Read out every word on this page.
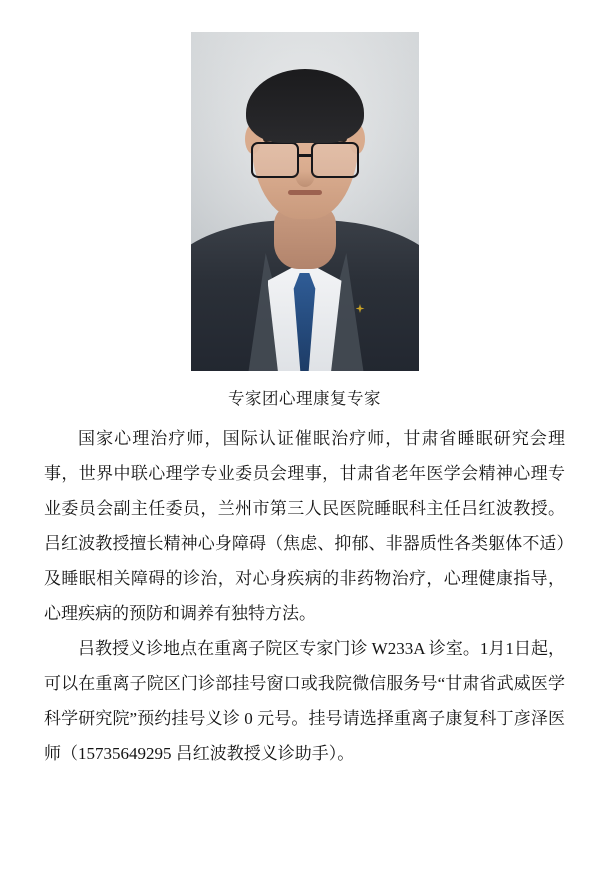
专家团心理康复专家

国家心理治疗师，国际认证催眠治疗师，甘肃省睡眠研究会理事，世界中联心理学专业委员会理事，甘肃省老年医学会精神心理专业委员会副主任委员，兰州市第三人民医院睡眠科主任吕红波教授。吕红波教授擅长精神心身障碍（焦虑、抑郁、非器质性各类躯体不适）及睡眠相关障碍的诊治，对心身疾病的非药物治疗，心理健康指导，心理疾病的预防和调养有独特方法。

吕教授义诊地点在重离子院区专家门诊 W233A 诊室。1月1日起，可以在重离子院区门诊部挂号窗口或我院微信服务号“甘肃省武威医学科学研究院”预约挂号义诊 0 元号。挂号请选择重离子康复科丁彦泽医师（15735649295 吕红波教授义诊助手）。
